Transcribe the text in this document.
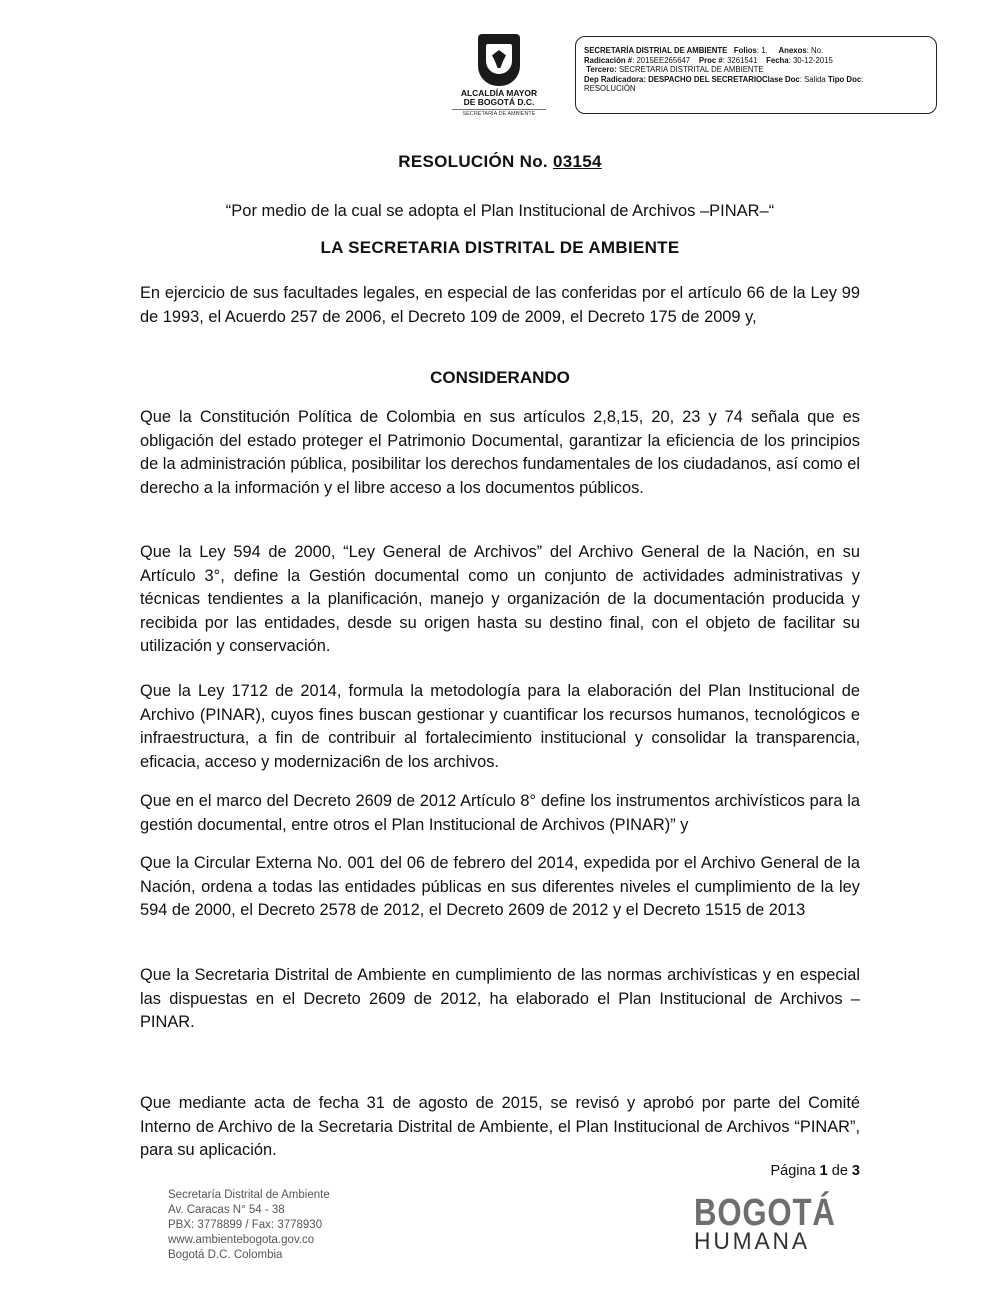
ALCALDÍA MAYOR
DE BOGOTÁ D.C.
SECRETARÍA DE AMBIENTE
SECRETARÍA DISTRIAL DE AMBIENTE Folios: 1. Anexos: No.
Radicación #: 2015EE265647 Proc #: 3261541 Fecha: 30-12-2015
Tercero: SECRETARIA DISTRITAL DE AMBIENTE
Dep Radicadora: DESPACHO DEL SECRETARIOClase Doc: Salida Tipo Doc:
RESOLUCIÓN
RESOLUCIÓN No. 03154
“Por medio de la cual se adopta el Plan Institucional de Archivos –PINAR–“
LA SECRETARIA DISTRITAL DE AMBIENTE
En ejercicio de sus facultades legales, en especial de las conferidas por el artículo 66 de la Ley 99 de 1993, el Acuerdo 257 de 2006, el Decreto 109 de 2009, el Decreto 175 de 2009 y,
CONSIDERANDO
Que la Constitución Política de Colombia en sus artículos 2,8,15, 20, 23 y 74 señala que es obligación del estado proteger el Patrimonio Documental, garantizar la eficiencia de los principios de la administración pública, posibilitar los derechos fundamentales de los ciudadanos, así como el derecho a la información y el libre acceso a los documentos públicos.
Que la Ley 594 de 2000, “Ley General de Archivos” del Archivo General de la Nación, en su Artículo 3°, define la Gestión documental como un conjunto de actividades administrativas y técnicas tendientes a la planificación, manejo y organización de la documentación producida y recibida por las entidades, desde su origen hasta su destino final, con el objeto de facilitar su utilización y conservación.
Que la Ley 1712 de 2014, formula la metodología para la elaboración del Plan Institucional de Archivo (PINAR), cuyos fines buscan gestionar y cuantificar los recursos humanos, tecnológicos e infraestructura, a fin de contribuir al fortalecimiento institucional y consolidar la transparencia, eficacia, acceso y modernizaci6n de los archivos.
Que en el marco del Decreto 2609 de 2012 Artículo 8° define los instrumentos archivísticos para la gestión documental, entre otros el Plan Institucional de Archivos (PINAR)” y
Que la Circular Externa No. 001 del 06 de febrero del 2014, expedida por el Archivo General de la Nación, ordena a todas las entidades públicas en sus diferentes niveles el cumplimiento de la ley 594 de 2000, el Decreto 2578 de 2012, el Decreto 2609 de 2012 y el Decreto 1515 de 2013
Que la Secretaria Distrital de Ambiente en cumplimiento de las normas archivísticas y en especial las dispuestas en el Decreto 2609 de 2012, ha elaborado el Plan Institucional de Archivos – PINAR.
Que mediante acta de fecha 31 de agosto de 2015, se revisó y aprobó por parte del Comité Interno de Archivo de la Secretaria Distrital de Ambiente, el Plan Institucional de Archivos “PINAR”, para su aplicación.
Página 1 de 3
Secretaría Distrital de Ambiente
Av. Caracas N° 54 - 38
PBX: 3778899 / Fax: 3778930
www.ambientebogota.gov.co
Bogotá D.C. Colombia
BOGOTÁ
HUMANA
